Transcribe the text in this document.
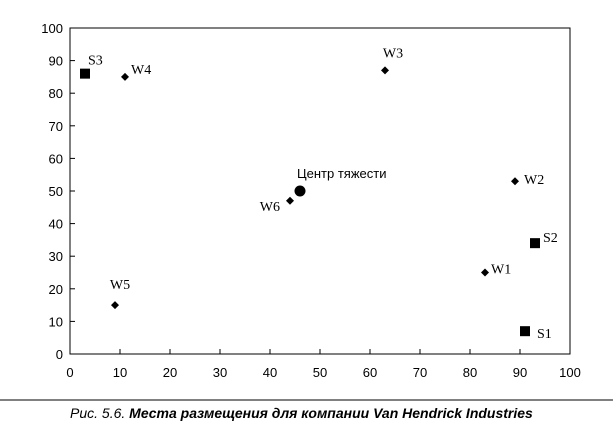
0	10	20	30	40	50	60	70	80	90 100
0
10
20
30
40
50
60
70
80
90
100
S1
S2
S3
W1
W2
W3
W4
W5
W6
Центр тяжести
Рис. 5.6. Места размещения для компании Van Hendrick Industries
